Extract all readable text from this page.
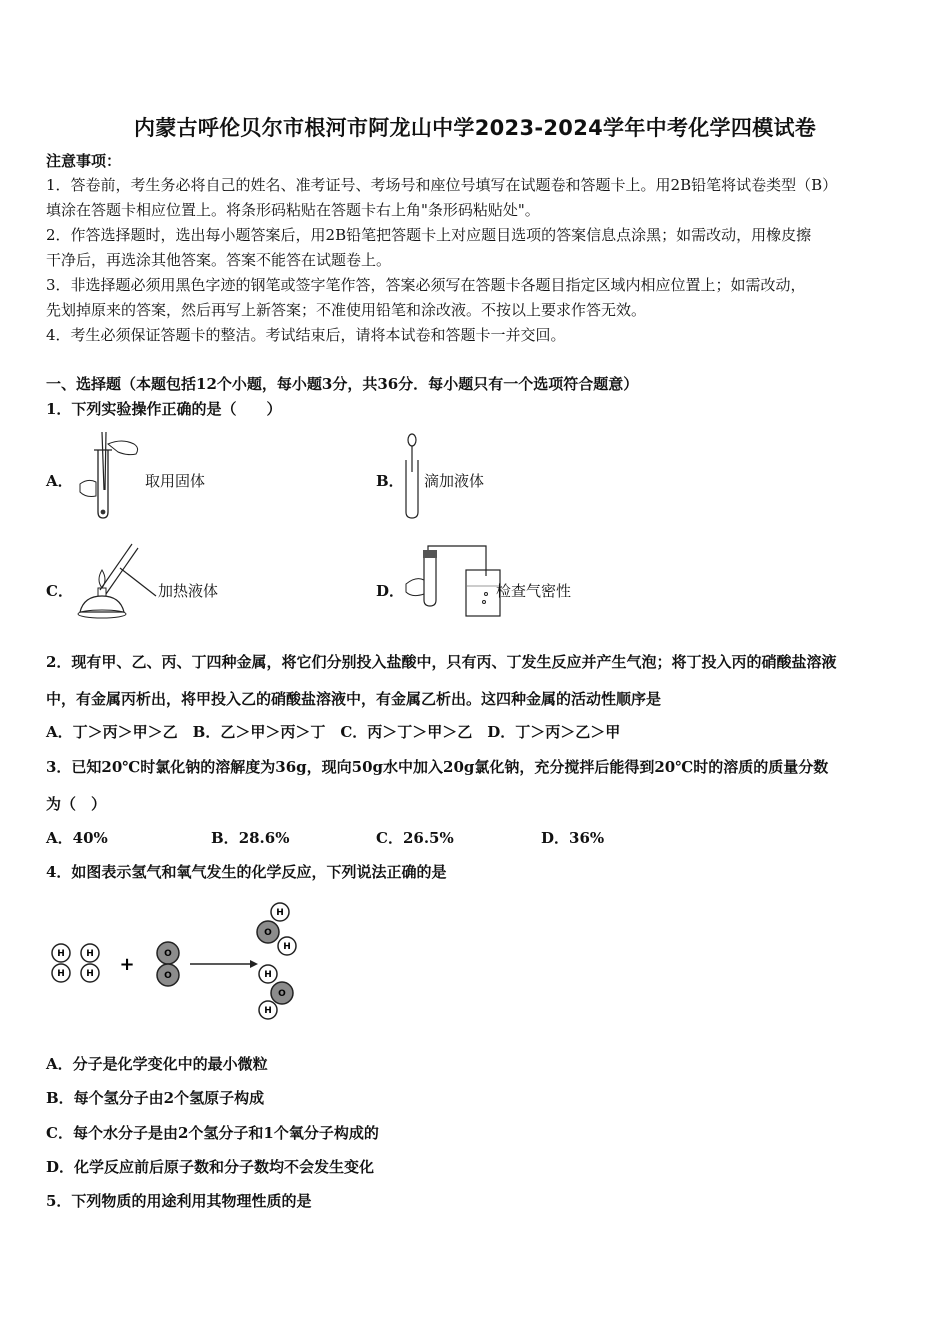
内蒙古呼伦贝尔市根河市阿龙山中学2023-2024学年中考化学四模试卷
注意事项：
1．答卷前，考生务必将自己的姓名、准考证号、考场号和座位号填写在试题卷和答题卡上。用2B铅笔将试卷类型（B）
填涂在答题卡相应位置上。将条形码粘贴在答题卡右上角"条形码粘贴处"。
2．作答选择题时，选出每小题答案后，用2B铅笔把答题卡上对应题目选项的答案信息点涂黑；如需改动，用橡皮擦
干净后，再选涂其他答案。答案不能答在试题卷上。
3．非选择题必须用黑色字迹的钢笔或签字笔作答，答案必须写在答题卡各题目指定区域内相应位置上；如需改动，
先划掉原来的答案，然后再写上新答案；不准使用铅笔和涂改液。不按以上要求作答无效。
4．考生必须保证答题卡的整洁。考试结束后，请将本试卷和答题卡一并交回。
一、选择题（本题包括12个小题，每小题3分，共36分．每小题只有一个选项符合题意）
1．下列实验操作正确的是（　　）
A．	取用固体	B． 滴加液体
C．	加热液体	D．	检查气密性
2．现有甲、乙、丙、丁四种金属，将它们分别投入盐酸中，只有丙、丁发生反应并产生气泡；将丁投入丙的硝酸盐溶液
中，有金属丙析出，将甲投入乙的硝酸盐溶液中，有金属乙析出。这四种金属的活动性顺序是
A．丁＞丙＞甲＞乙　B．乙＞甲＞丙＞丁　C．丙＞丁＞甲＞乙　D．丁＞丙＞乙＞甲
3．已知20℃时氯化钠的溶解度为36g，现向50g水中加入20g氯化钠，充分搅拌后能得到20℃时的溶质的质量分数
为（　）
A．40%	B．28.6%	C．26.5%	D．36%
4．如图表示氢气和氧气发生的化学反应，下列说法正确的是
H
H
H
H +	O
O
O
H
H
O
H
H
A．分子是化学变化中的最小微粒
B．每个氢分子由2个氢原子构成
C．每个水分子是由2个氢分子和1个氧分子构成的
D．化学反应前后原子数和分子数均不会发生变化
5．下列物质的用途利用其物理性质的是
